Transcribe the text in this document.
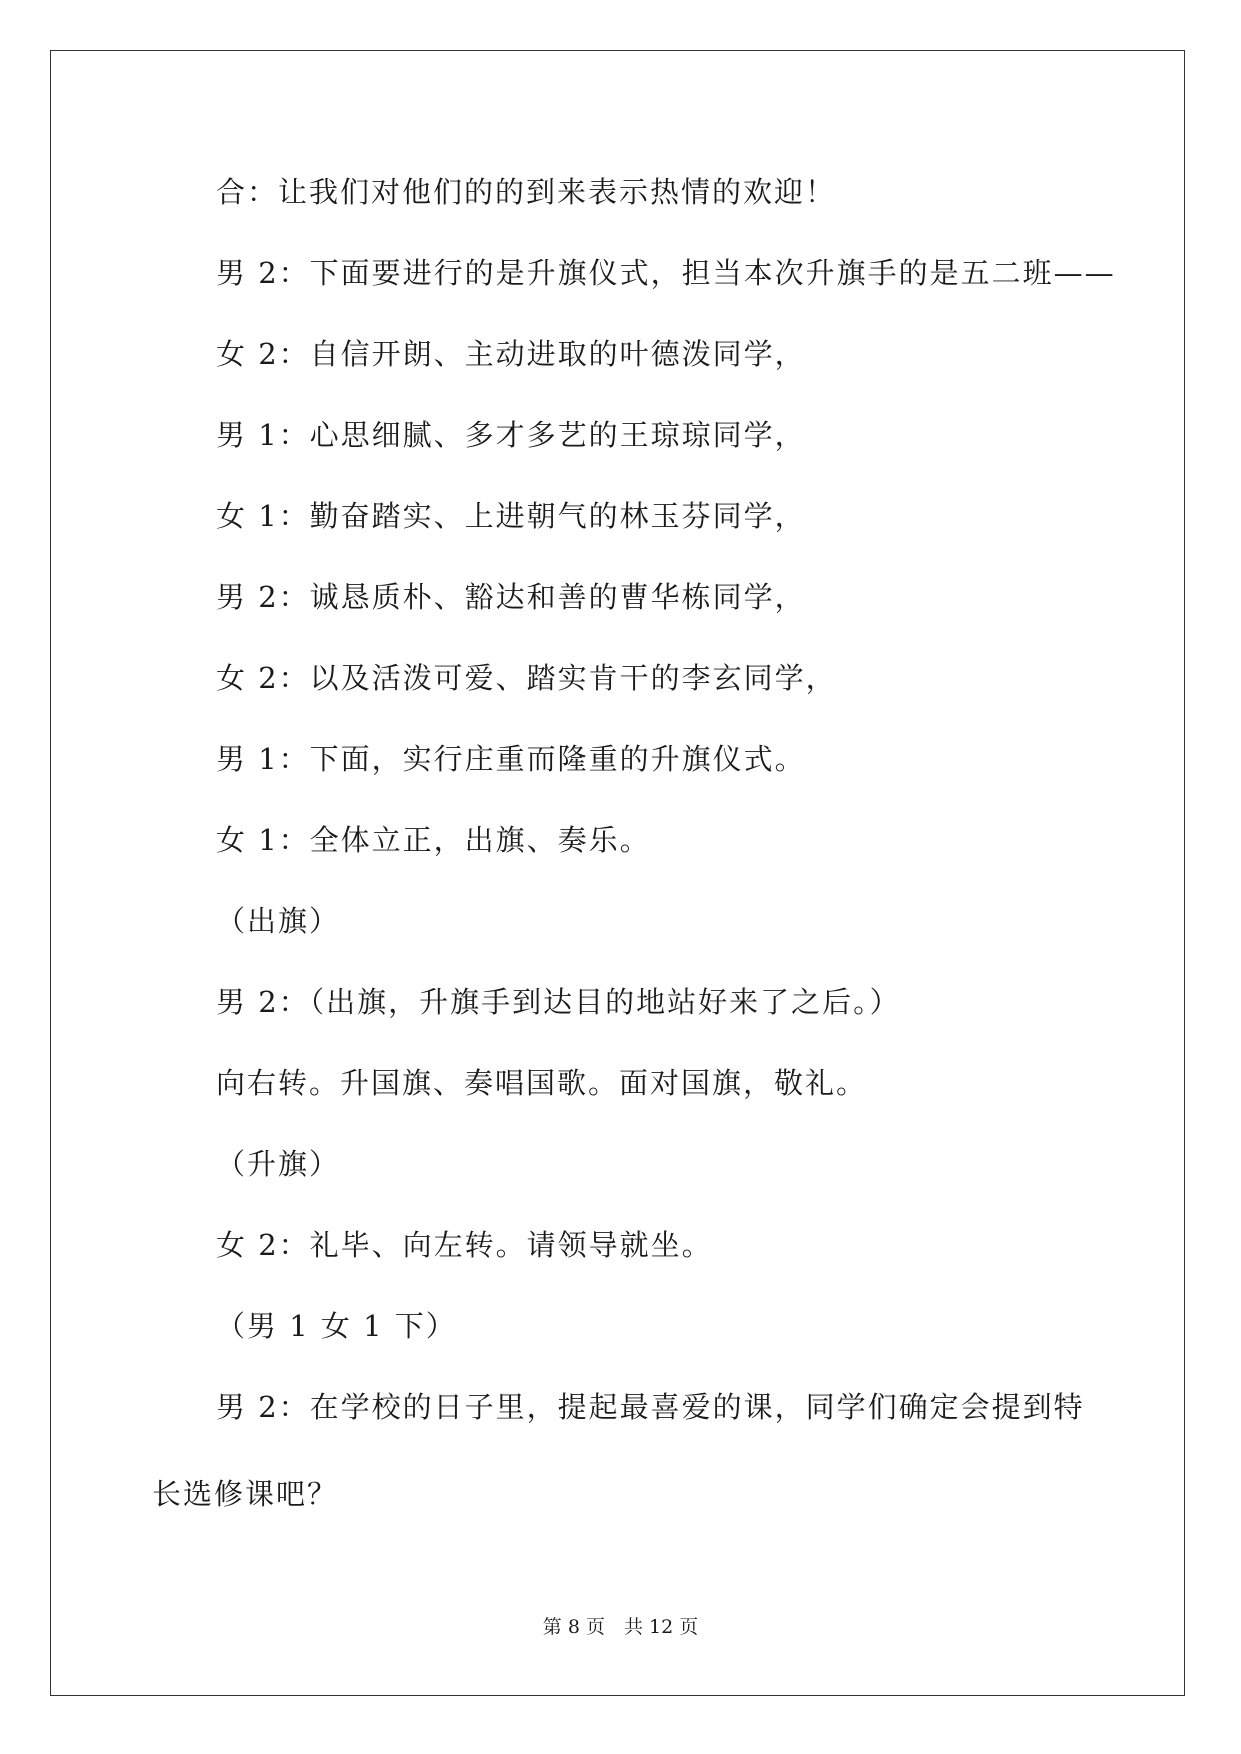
合：让我们对他们的的到来表示热情的欢迎！

男 2：下面要进行的是升旗仪式，担当本次升旗手的是五二班——

女 2：自信开朗、主动进取的叶德泼同学，

男 1：心思细腻、多才多艺的王琼琼同学，

女 1：勤奋踏实、上进朝气的林玉芬同学，

男 2：诚恳质朴、豁达和善的曹华栋同学，

女 2：以及活泼可爱、踏实肯干的李玄同学，

男 1：下面，实行庄重而隆重的升旗仪式。

女 1：全体立正，出旗、奏乐。

（出旗）

男 2：（出旗，升旗手到达目的地站好来了之后。）

向右转。升国旗、奏唱国歌。面对国旗，敬礼。

（升旗）

女 2：礼毕、向左转。请领导就坐。

（男 1 女 1 下）

男 2：在学校的日子里，提起最喜爱的课，同学们确定会提到特长选修课吧？

第 8 页　共 12 页
